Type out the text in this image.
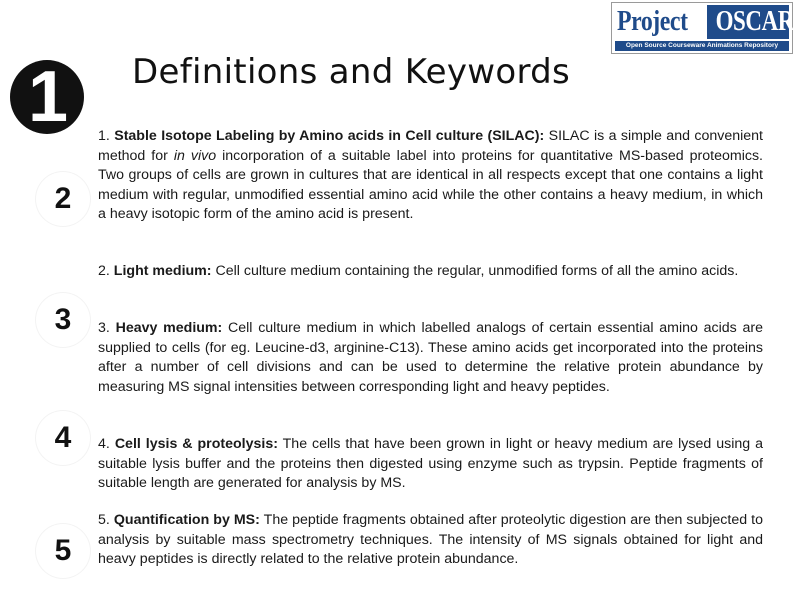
Project	OSCAR
Open Source Courseware Animations Repository
Definitions and Keywords
1
2
3
4
5
1. Stable Isotope Labeling by Amino acids in Cell culture (SILAC): SILAC is a simple and convenient method for in vivo incorporation of a suitable label into proteins for quantitative MS-based proteomics. Two groups of cells are grown in cultures that are identical in all respects except that one contains a light medium with regular, unmodified essential amino acid while the other contains a heavy medium, in which a heavy isotopic form of the amino acid is present.
2. Light medium: Cell culture medium containing the regular, unmodified forms of all the amino acids.
3. Heavy medium: Cell culture medium in which labelled analogs of certain essential amino acids are supplied to cells (for eg. Leucine-d3, arginine-C13). These amino acids get incorporated into the proteins after a number of cell divisions and can be used to determine the relative protein abundance by measuring MS signal intensities between corresponding light and heavy peptides.
4. Cell lysis & proteolysis: The cells that have been grown in light or heavy medium are lysed using a suitable lysis buffer and the proteins then digested using enzyme such as trypsin. Peptide fragments of suitable length are generated for analysis by MS.
5. Quantification by MS: The peptide fragments obtained after proteolytic digestion are then subjected to analysis by suitable mass spectrometry techniques. The intensity of MS signals obtained for light and heavy peptides is directly related to the relative protein abundance.
